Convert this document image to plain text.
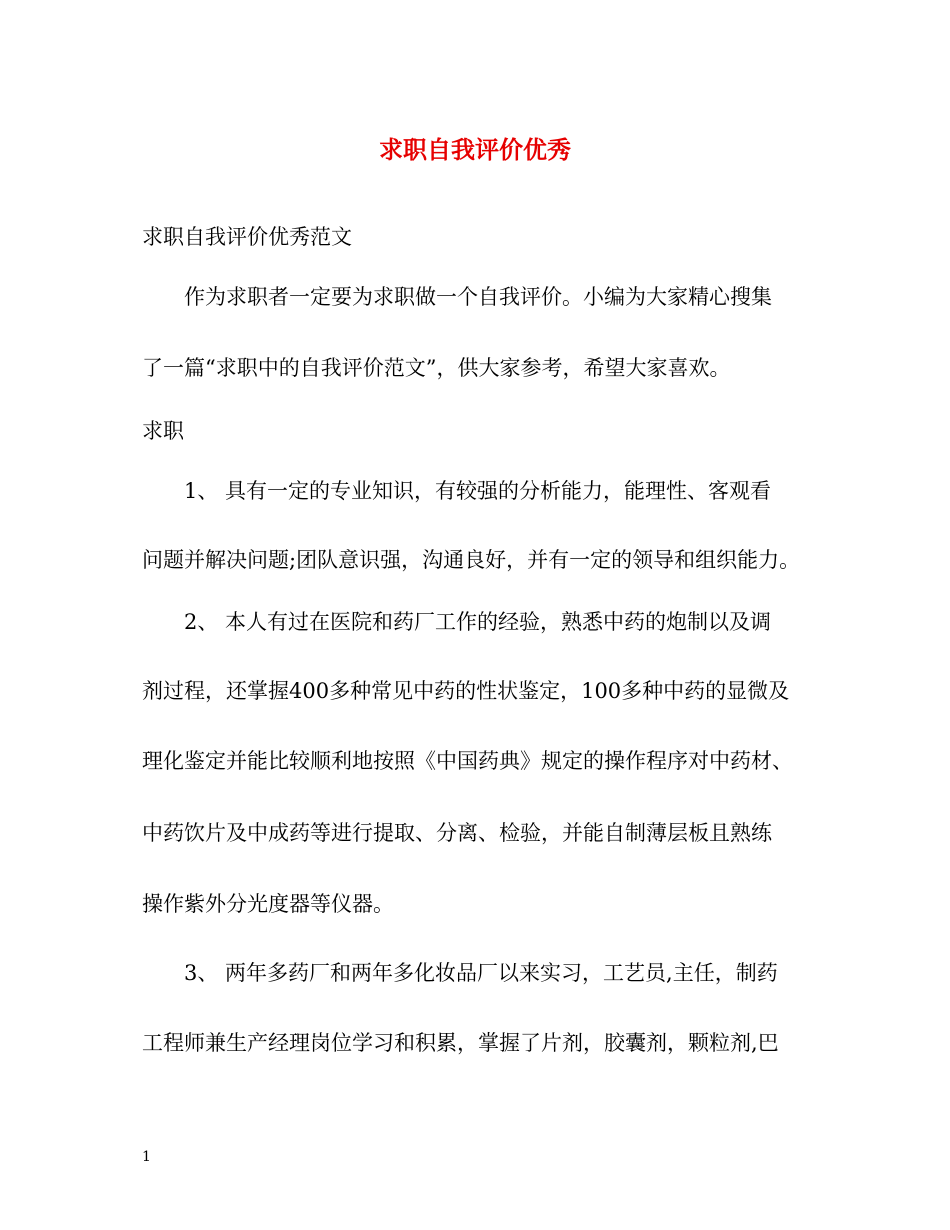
求职自我评价优秀

求职自我评价优秀范文

作为求职者一定要为求职做一个自我评价。小编为大家精心搜集

了一篇“求职中的自我评价范文”，供大家参考，希望大家喜欢。

求职

1、 具有一定的专业知识，有较强的分析能力，能理性、客观看

问题并解决问题;团队意识强，沟通良好，并有一定的领导和组织能力。

2、 本人有过在医院和药厂工作的经验，熟悉中药的炮制以及调

剂过程，还掌握400多种常见中药的性状鉴定，100多种中药的显微及

理化鉴定并能比较顺利地按照《中国药典》规定的操作程序对中药材、

中药饮片及中成药等进行提取、分离、检验，并能自制薄层板且熟练

操作紫外分光度器等仪器。

3、 两年多药厂和两年多化妆品厂以来实习，工艺员,主任，制药

工程师兼生产经理岗位学习和积累，掌握了片剂，胶囊剂，颗粒剂,巴

1
